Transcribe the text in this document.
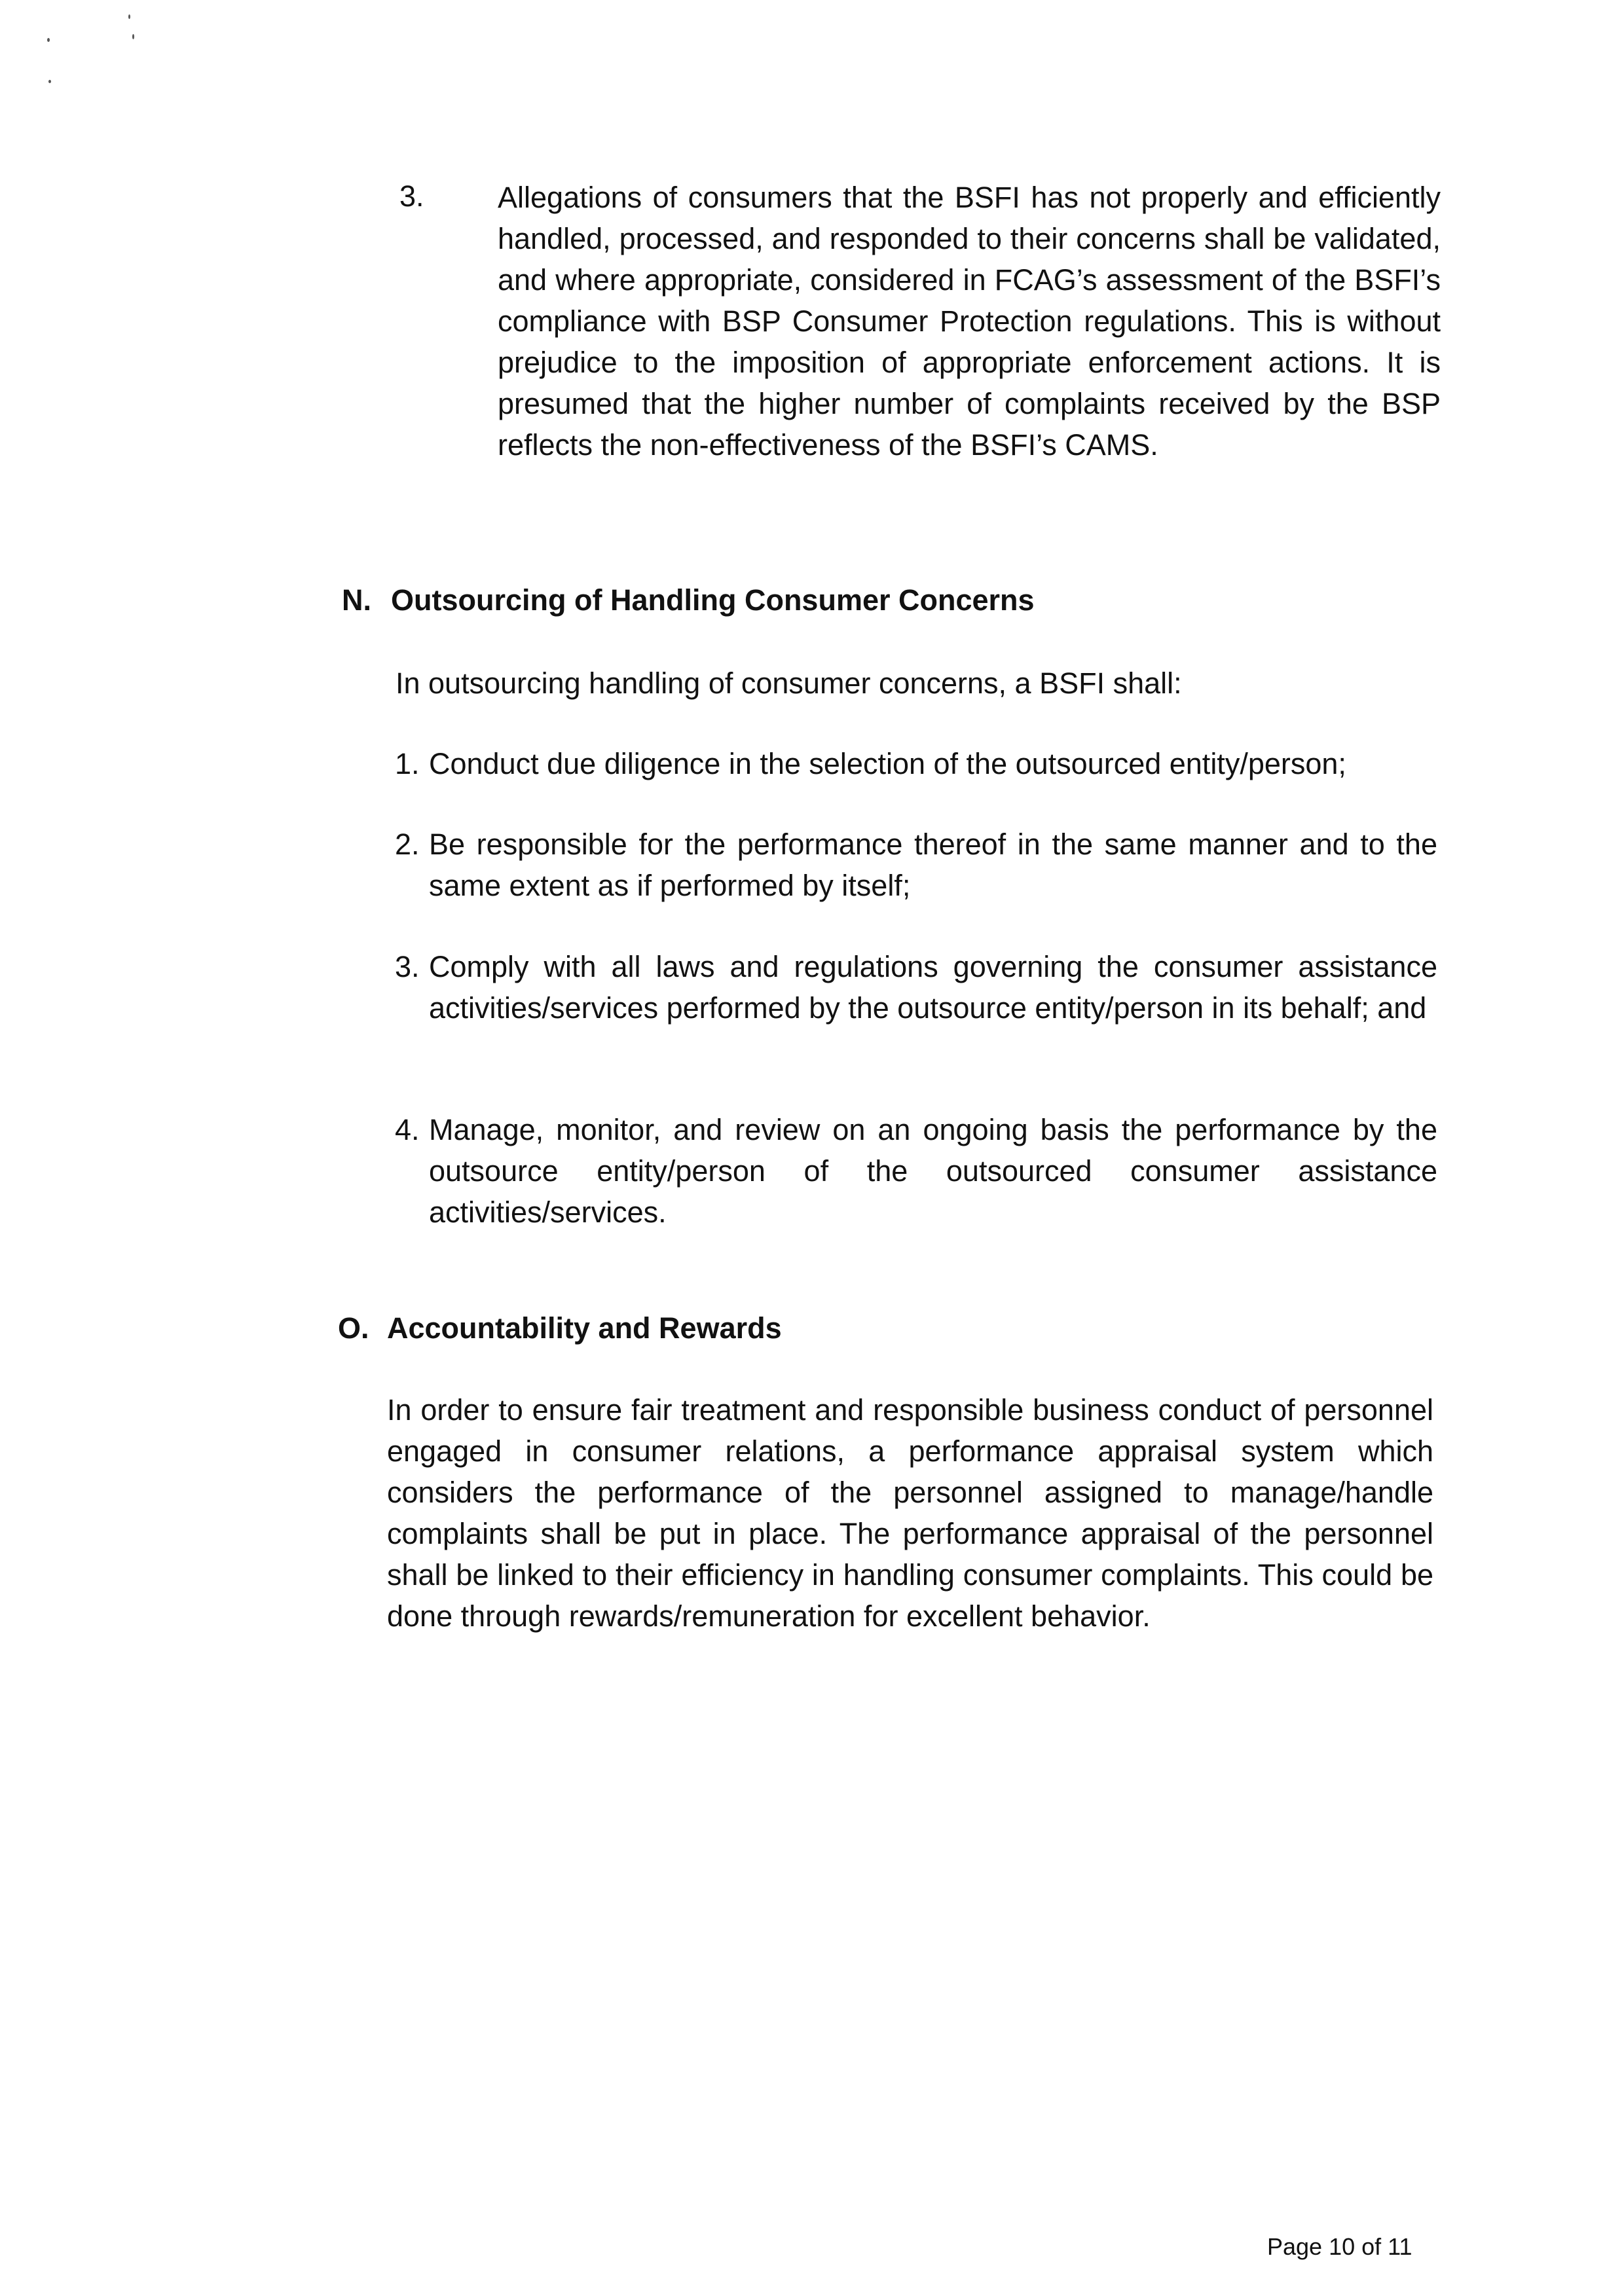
3. Allegations of consumers that the BSFI has not properly and efficiently handled, processed, and responded to their concerns shall be validated, and where appropriate, considered in FCAG’s assessment of the BSFI’s compliance with BSP Consumer Protection regulations. This is without prejudice to the imposition of appropriate enforcement actions. It is presumed that the higher number of complaints received by the BSP reflects the non-effectiveness of the BSFI’s CAMS.
N. Outsourcing of Handling Consumer Concerns
In outsourcing handling of consumer concerns, a BSFI shall:
1. Conduct due diligence in the selection of the outsourced entity/person;
2. Be responsible for the performance thereof in the same manner and to the same extent as if performed by itself;
3. Comply with all laws and regulations governing the consumer assistance activities/services performed by the outsource entity/person in its behalf; and
4. Manage, monitor, and review on an ongoing basis the performance by the outsource entity/person of the outsourced consumer assistance activities/services.
O. Accountability and Rewards
In order to ensure fair treatment and responsible business conduct of personnel engaged in consumer relations, a performance appraisal system which considers the performance of the personnel assigned to manage/handle complaints shall be put in place. The performance appraisal of the personnel shall be linked to their efficiency in handling consumer complaints. This could be done through rewards/remuneration for excellent behavior.
Page 10 of 11
